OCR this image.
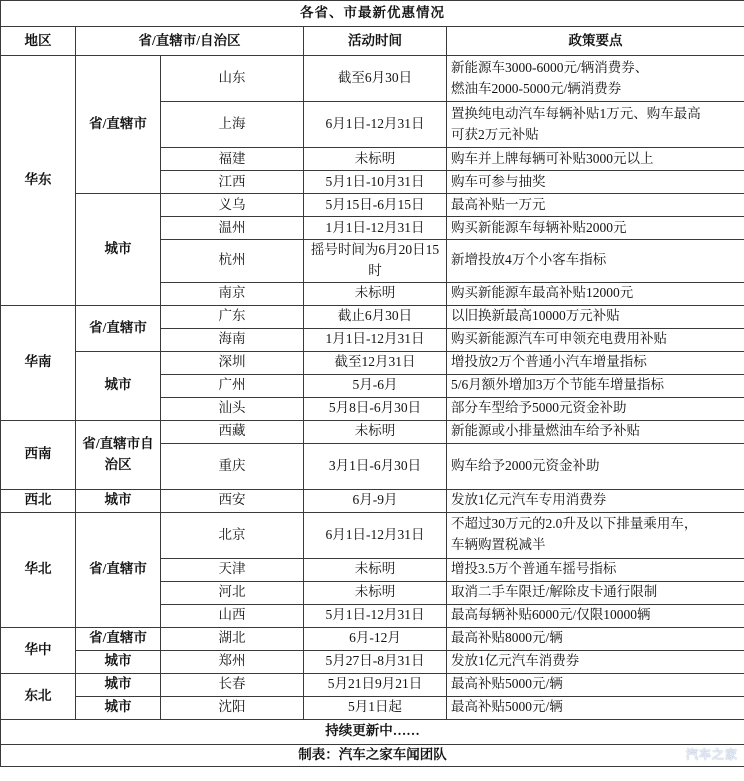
各省、市最新优惠情况				
地区	省/直辖市/自治区		活动时间	政策要点
华东	省/直辖市	山东	截至6月30日	新能源车3000-6000元/辆消费券、
燃油车2000-5000元/辆消费券

		上海	6月1日-12月31日	置换纯电动汽车每辆补贴1万元、购车最高
可获2万元补贴

		福建	未标明	购车并上牌每辆可补贴3000元以上

		江西	5月1日-10月31日	购车可参与抽奖

	城市	义乌	5月15日-6月15日	最高补贴一万元

		温州	1月1日-12月31日	购买新能源车每辆补贴2000元

		杭州	摇号时间为6月20日15时	新增投放4万个小客车指标

		南京	未标明	购买新能源车最高补贴12000元

华南	省/直辖市	广东	截止6月30日	以旧换新最高10000万元补贴

		海南	1月1日-12月31日	购买新能源汽车可申领充电费用补贴

	城市	深圳	截至12月31日	增投放2万个普通小汽车增量指标

		广州	5月-6月	5/6月额外增加3万个节能车增量指标

		汕头	5月8日-6月30日	部分车型给予5000元资金补助

西南	省/直辖市自治区	西藏	未标明	新能源或小排量燃油车给予补贴

		重庆	3月1日-6月30日	购车给予2000元资金补助

西北	城市	西安	6月-9月	发放1亿元汽车专用消费券

华北	省/直辖市	北京	6月1日-12月31日	不超过30万元的2.0升及以下排量乘用车，
车辆购置税减半

		天津	未标明	增投3.5万个普通车摇号指标

		河北	未标明	取消二手车限迁/解除皮卡通行限制

		山西	5月1日-12月31日	最高每辆补贴6000元/仅限10000辆

华中	省/直辖市	湖北	6月-12月	最高补贴8000元/辆

	城市	郑州	5月27日-8月31日	发放1亿元汽车消费券

东北	城市	长春	5月21日9月21日	最高补贴5000元/辆

	城市	沈阳	5月1日起	最高补贴5000元/辆

持续更新中……				
制表：汽车之家车闻团队 汽车之家				
